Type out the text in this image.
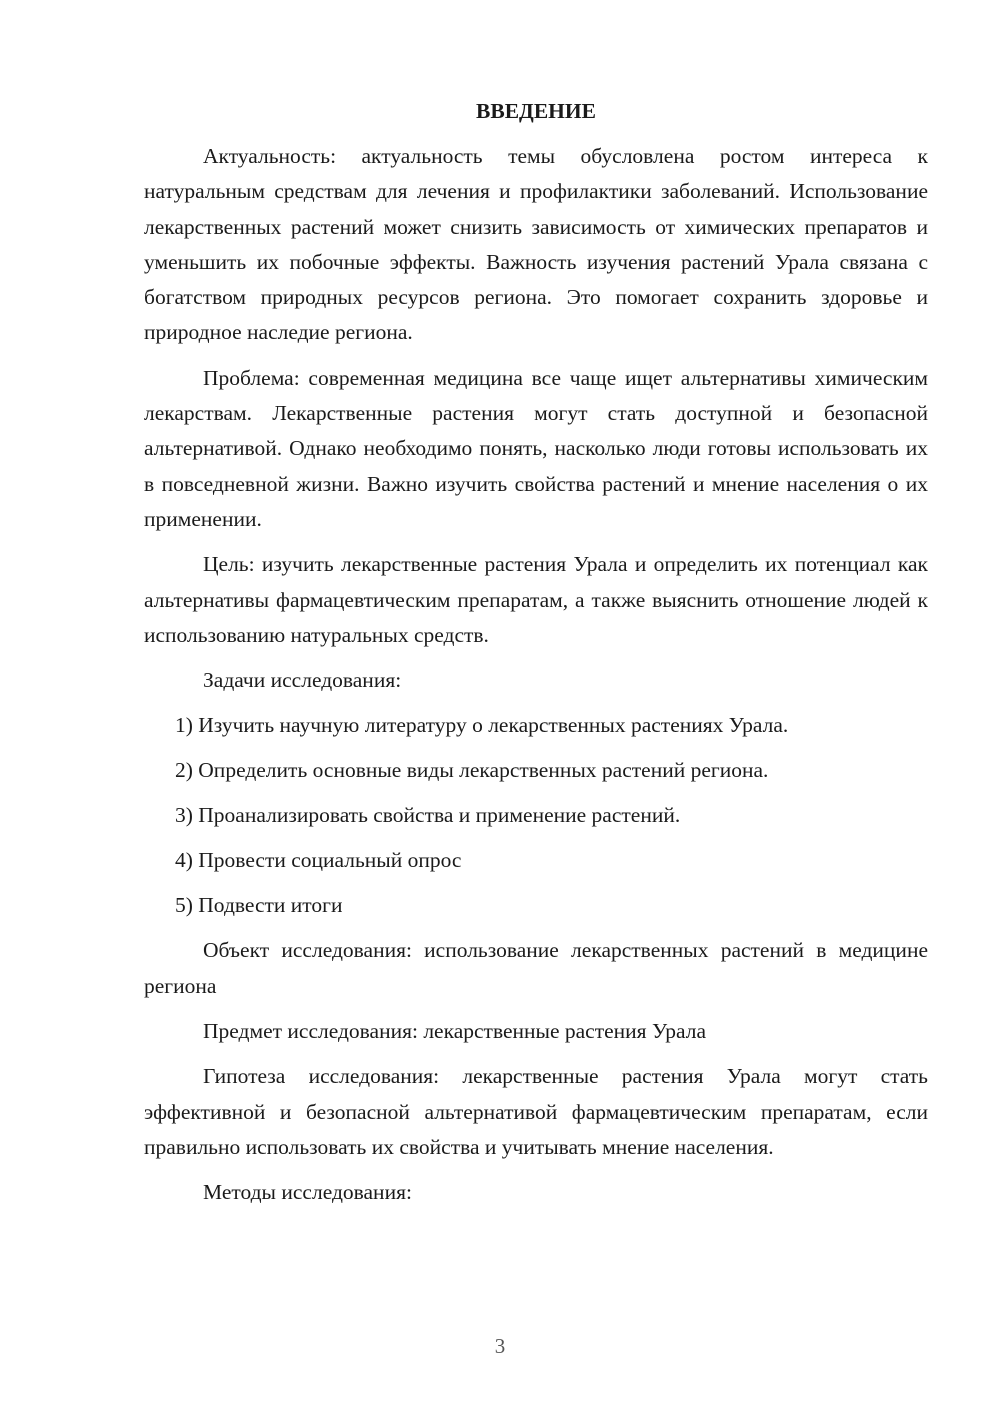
ВВЕДЕНИЕ

Актуальность: актуальность темы обусловлена ростом интереса к натуральным средствам для лечения и профилактики заболеваний. Использование лекарственных растений может снизить зависимость от химических препаратов и уменьшить их побочные эффекты. Важность изучения растений Урала связана с богатством природных ресурсов региона. Это помогает сохранить здоровье и природное наследие региона.

Проблема: современная медицина все чаще ищет альтернативы химическим лекарствам. Лекарственные растения могут стать доступной и безопасной альтернативой. Однако необходимо понять, насколько люди готовы использовать их в повседневной жизни. Важно изучить свойства растений и мнение населения о их применении.

Цель: изучить лекарственные растения Урала и определить их потенциал как альтернативы фармацевтическим препаратам, а также выяснить отношение людей к использованию натуральных средств.

Задачи исследования:

1) Изучить научную литературу о лекарственных растениях Урала.
2) Определить основные виды лекарственных растений региона.
3) Проанализировать свойства и применение растений.
4) Провести социальный опрос
5) Подвести итоги

Объект исследования: использование лекарственных растений в медицине региона

Предмет исследования: лекарственные растения Урала

Гипотеза исследования: лекарственные растения Урала могут стать эффективной и безопасной альтернативой фармацевтическим препаратам, если правильно использовать их свойства и учитывать мнение населения.

Методы исследования:

3
